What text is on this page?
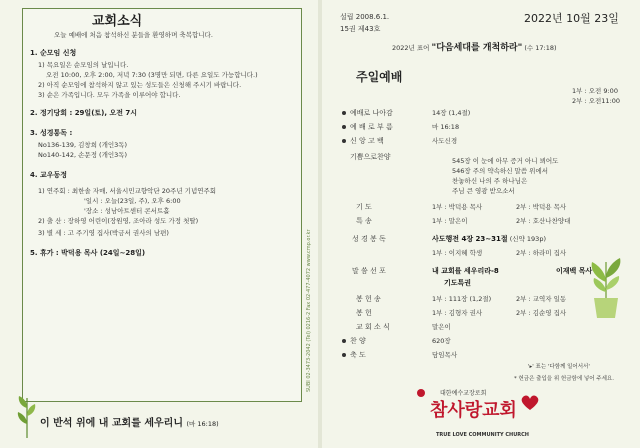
교회소식
오늘 예배에 처음 참석하신 분들을 환영하며 축복합니다.
1. 순모임 신청
1) 목요일은 순모임의 날입니다.
오전 10:00, 오후 2:00, 저녁 7:30 (3명만 되면, 다른 요일도 가능합니다.)
2) 아직 순모임에 참석하지 않고 있는 성도들은 신청해 주시기 바랍니다.
3) 순은 가족입니다. 모두 가족을 이루어야 합니다.
2. 정기당회 : 29일(토), 오전 7시
3. 성경통독 :
No136-139, 김창희 (개인3독)
No140-142, 손문정 (개인3독)
4. 교우동정
1) 연주회 : 최한솔 자매, 서울시민교향악단 20주년 기념연주회
'일시 : 오늘(23일, 주), 오후 6:00
'장소 : 성남아트센터 콘서트홀
2) 출 산 : 장하영 어린이(장원영, 조아라 성도 가정 첫딸)
3) 별 세 : 고 주기영 집사(박금서 권사의 남편)
5. 휴가 : 박덕용 목사 (24일~28일)	SUBI 02-3473-2042 (Tel) 0216-2 Fax 02-477-4072 www.cmp.or.kr
이 반석 위에 내 교회를 세우리니 (마 16:18)
설립 2008.6.1.
15권 제43호
2022년 10월 23일
2022년 표어 "다음세대를 개척하라" (수 17:18)
주일예배
1부 : 오전 9:00
2부 : 오전11:00
예배로 나아감	14장 (1,4절)
예 배 로 부 름	마 16:18
신 앙 고 백	사도신경
기쁨으로찬양	545장 이 눈에 아무 증거 아니 뵈어도
546장 주의 약속하신 말씀 위에서
찬놓하신 나의 주 하나님은
주님 큰 영광 받으소서
기 도	1부 : 박덕용 목사	2부 : 박덕용 목사
특 송	1부 : 말은이	2부 : 호산나찬양대
성 경 봉 독	사도행전 4장 23~31절 (신약 193p)
1부 : 이지혜 학생	2부 : 하라미 집사
말 씀 선 포	내 교회를 세우리라-8	이재백 목사
기도특권
봉 헌 송	1부 : 111장 (1,2절)	2부 : 교역자 일동
봉 헌	1부 : 김형자 권사	2부 : 김순영 집사
교 회 소 식	말은이
찬 양	620장
축 도	담임목사
'▸' 표는 '다함께 일어서서'
* 헌금은 출입을 위 헌금함에 넣어 주세요.
대한예수교장로회
참사랑교회
TRUE LOVE COMMUNITY CHURCH
